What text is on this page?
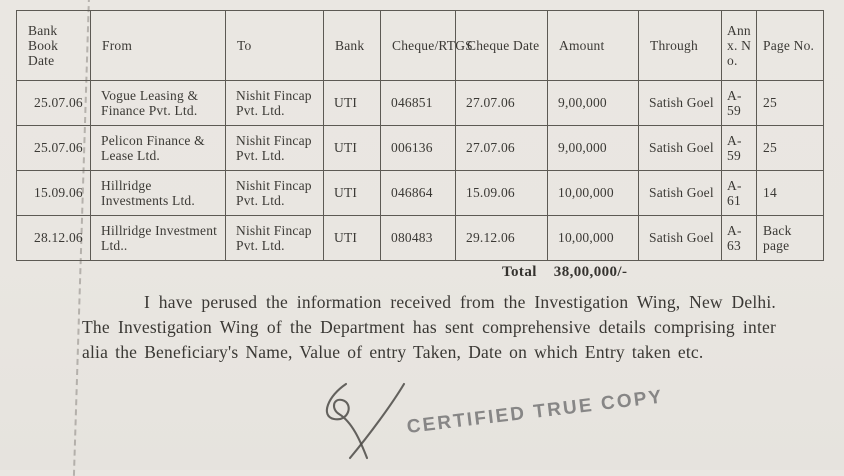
Bank Book Date	From	To	Bank	Cheque/RTGS	Cheque Date	Amount	Through	Annx. No.	Page No.
25.07.06	Vogue Leasing & Finance Pvt. Ltd.	Nishit Fincap Pvt. Ltd.	UTI	046851	27.07.06	9,00,000	Satish Goel	A-59	25
25.07.06	Pelicon Finance & Lease Ltd.	Nishit Fincap Pvt. Ltd.	UTI	006136	27.07.06	9,00,000	Satish Goel	A-59	25
15.09.06	Hillridge Investments Ltd.	Nishit Fincap Pvt. Ltd.	UTI	046864	15.09.06	10,00,000	Satish Goel	A-61	14
28.12.06	Hillridge Investment Ltd..	Nishit Fincap Pvt. Ltd.	UTI	080483	29.12.06	10,00,000	Satish Goel	A-63	Back page
Total 38,00,000/-

I have perused the information received from the Investigation Wing, New Delhi. The Investigation Wing of the Department has sent comprehensive details comprising inter alia the Beneficiary's Name, Value of entry Taken, Date on which Entry taken etc.

CERTIFIED TRUE COPY
